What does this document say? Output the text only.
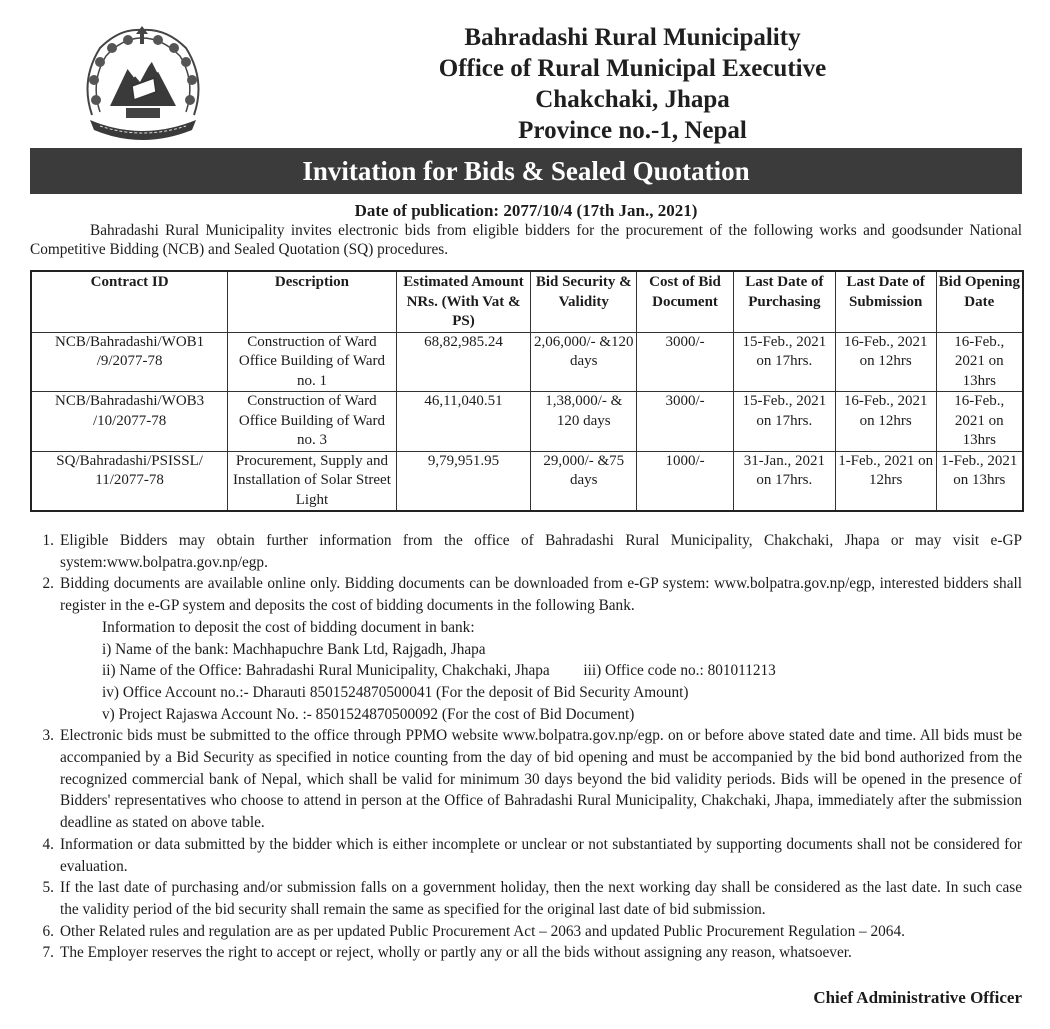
Bahradashi Rural Municipality
Office of Rural Municipal Executive
Chakchaki, Jhapa
Province no.-1, Nepal
Invitation for Bids & Sealed Quotation
Date of publication: 2077/10/4 (17th Jan., 2021)
Bahradashi Rural Municipality invites electronic bids from eligible bidders for the procurement of the following works and goodsunder National Competitive Bidding (NCB) and Sealed Quotation (SQ) procedures.
Contract ID	Description	Estimated Amount NRs. (With Vat & PS)	Bid Security & Validity	Cost of Bid Document	Last Date of Purchasing	Last Date of Submission	Bid Opening Date
NCB/Bahradashi/WOB1 /9/2077-78	Construction of Ward Office Building of Ward no. 1	68,82,985.24	2,06,000/- &120 days	3000/-	15-Feb., 2021 on 17hrs.	16-Feb., 2021 on 12hrs	16-Feb., 2021 on 13hrs
NCB/Bahradashi/WOB3 /10/2077-78	Construction of Ward Office Building of Ward no. 3	46,11,040.51	1,38,000/- & 120 days	3000/-	15-Feb., 2021 on 17hrs.	16-Feb., 2021 on 12hrs	16-Feb., 2021 on 13hrs
SQ/Bahradashi/PSISSL/ 11/2077-78	Procurement, Supply and Installation of Solar Street Light	9,79,951.95	29,000/- &75 days	1000/-	31-Jan., 2021 on 17hrs.	1-Feb., 2021 on 12hrs	1-Feb., 2021 on 13hrs
1. Eligible Bidders may obtain further information from the office of Bahradashi Rural Municipality, Chakchaki, Jhapa or may visit e-GP system:www.bolpatra.gov.np/egp.
2. Bidding documents are available online only. Bidding documents can be downloaded from e-GP system: www.bolpatra.gov.np/egp, interested bidders shall register in the e-GP system and deposits the cost of bidding documents in the following Bank.
Information to deposit the cost of bidding document in bank:
i) Name of the bank: Machhapuchre Bank Ltd, Rajgadh, Jhapa
ii) Name of the Office: Bahradashi Rural Municipality, Chakchaki, Jhapa iii) Office code no.: 801011213
iv) Office Account no.:- Dharauti 8501524870500041 (For the deposit of Bid Security Amount)
v) Project Rajaswa Account No. :- 8501524870500092 (For the cost of Bid Document)
3. Electronic bids must be submitted to the office through PPMO website www.bolpatra.gov.np/egp. on or before above stated date and time. All bids must be accompanied by a Bid Security as specified in notice counting from the day of bid opening and must be accompanied by the bid bond authorized from the recognized commercial bank of Nepal, which shall be valid for minimum 30 days beyond the bid validity periods. Bids will be opened in the presence of Bidders' representatives who choose to attend in person at the Office of Bahradashi Rural Municipality, Chakchaki, Jhapa, immediately after the submission deadline as stated on above table.
4. Information or data submitted by the bidder which is either incomplete or unclear or not substantiated by supporting documents shall not be considered for evaluation.
5. If the last date of purchasing and/or submission falls on a government holiday, then the next working day shall be considered as the last date. In such case the validity period of the bid security shall remain the same as specified for the original last date of bid submission.
6. Other Related rules and regulation are as per updated Public Procurement Act – 2063 and updated Public Procurement Regulation – 2064.
7. The Employer reserves the right to accept or reject, wholly or partly any or all the bids without assigning any reason, whatsoever.
Chief Administrative Officer
